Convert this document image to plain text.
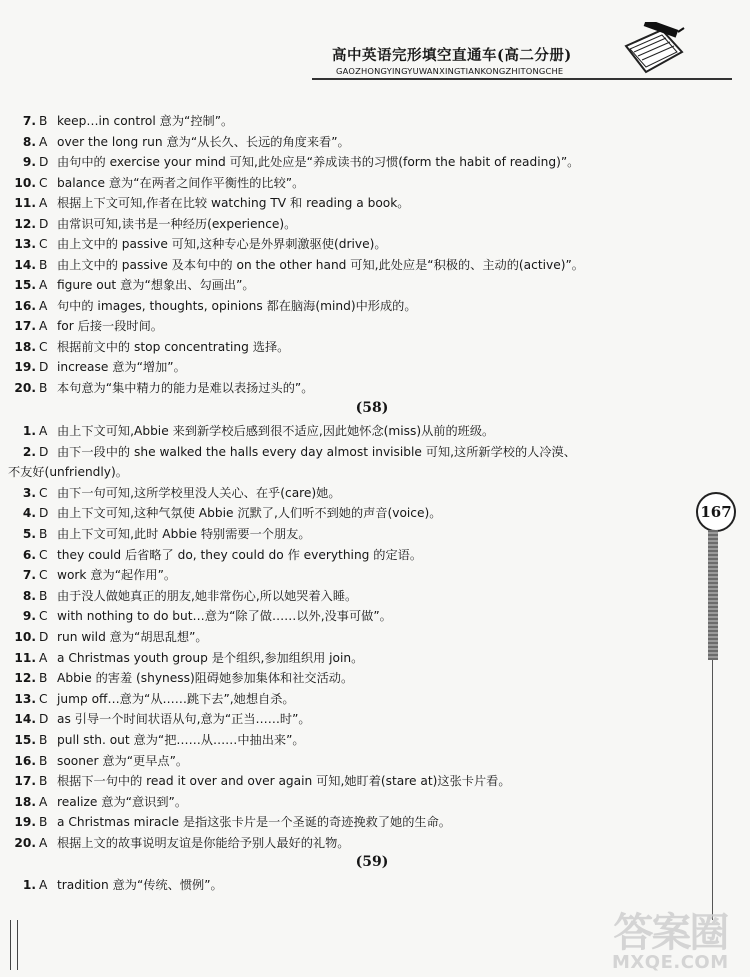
高中英语完形填空直通车(高二分册)
GAOZHONGYINGYUWANXINGTIANKONGZHITONGCHE
7. B keep…in control 意为“控制”。
8. A over the long run 意为“从长久、长远的角度来看”。
9. D 由句中的 exercise your mind 可知,此处应是“养成读书的习惯(form the habit of reading)”。
10. C balance 意为“在两者之间作平衡性的比较”。
11. A 根据上下文可知,作者在比较 watching TV 和 reading a book。
12. D 由常识可知,读书是一种经历(experience)。
13. C 由上文中的 passive 可知,这种专心是外界刺激驱使(drive)。
14. B 由上文中的 passive 及本句中的 on the other hand 可知,此处应是“积极的、主动的(active)”。
15. A figure out 意为“想象出、勾画出”。
16. A 句中的 images, thoughts, opinions 都在脑海(mind)中形成的。
17. A for 后接一段时间。
18. C 根据前文中的 stop concentrating 选择。
19. D increase 意为“增加”。
20. B 本句意为“集中精力的能力是难以表扬过头的”。
(58)
1. A 由上下文可知,Abbie 来到新学校后感到很不适应,因此她怀念(miss)从前的班级。
2. D 由下一段中的 she walked the halls every day almost invisible 可知,这所新学校的人冷漠、
不友好(unfriendly)。
3. C 由下一句可知,这所学校里没人关心、在乎(care)她。
4. D 由上下文可知,这种气氛使 Abbie 沉默了,人们听不到她的声音(voice)。
5. B 由上下文可知,此时 Abbie 特别需要一个朋友。
6. C they could 后省略了 do, they could do 作 everything 的定语。
7. C work 意为“起作用”。
8. B 由于没人做她真正的朋友,她非常伤心,所以她哭着入睡。
9. C with nothing to do but…意为“除了做……以外,没事可做”。
10. D run wild 意为“胡思乱想”。
11. A a Christmas youth group 是个组织,参加组织用 join。
12. B Abbie 的害羞 (shyness)阻碍她参加集体和社交活动。
13. C jump off…意为“从……跳下去”,她想自杀。
14. D as 引导一个时间状语从句,意为“正当……时”。
15. B pull sth. out 意为“把……从……中抽出来”。
16. B sooner 意为“更早点”。
17. B 根据下一句中的 read it over and over again 可知,她盯着(stare at)这张卡片看。
18. A realize 意为“意识到”。
19. B a Christmas miracle 是指这张卡片是一个圣诞的奇迹挽救了她的生命。
20. A 根据上文的故事说明友谊是你能给予别人最好的礼物。
(59)
1. A tradition 意为“传统、惯例”。
167
答案圈
MXQE.COM
